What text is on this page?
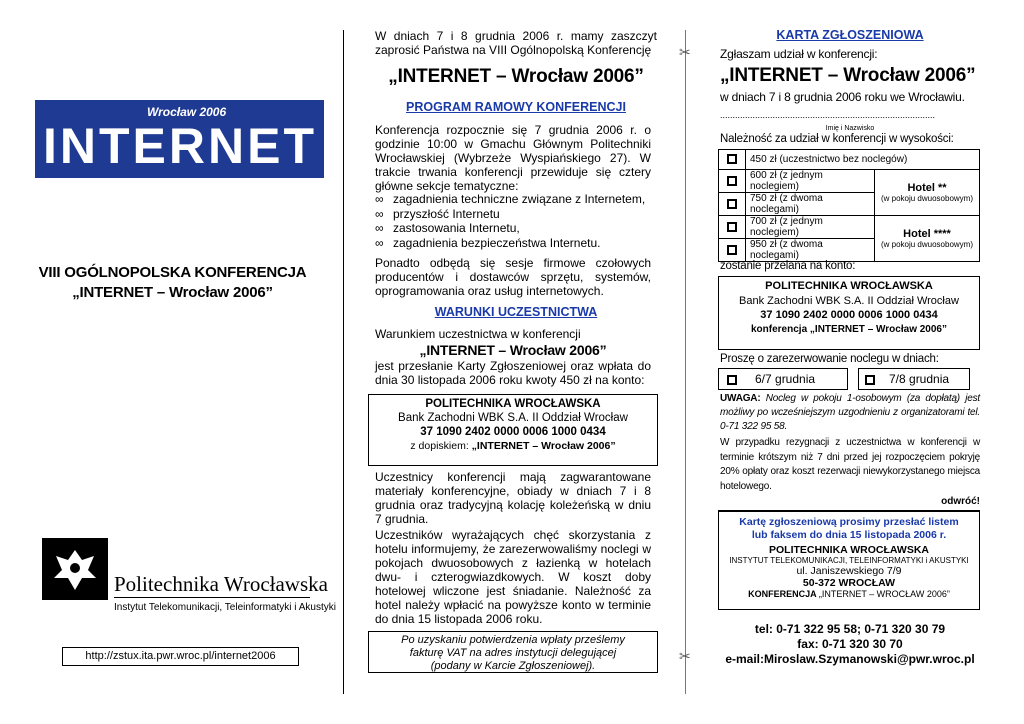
✂
✂
Wrocław 2006
INTERNET
VIII OGÓLNOPOLSKA KONFERENCJA
„INTERNET – Wrocław 2006”
Politechnika Wrocławska
Instytut Telekomunikacji, Teleinformatyki i Akustyki
http://zstux.ita.pwr.wroc.pl/internet2006
W dniach 7 i 8 grudnia 2006 r. mamy zaszczyt zaprosić Państwa na VIII Ogólnopolską Konferencję
„INTERNET – Wrocław 2006”
PROGRAM RAMOWY KONFERENCJI
Konferencja rozpocznie się 7 grudnia 2006 r. o godzinie 10:00 w Gmachu Głównym Politechniki Wrocławskiej (Wybrzeże Wyspiańskiego 27). W trakcie trwania konferencji przewiduje się cztery główne sekcje tematyczne:
∞ zagadnienia techniczne związane z Internetem,
∞ przyszłość Internetu
∞ zastosowania Internetu,
∞ zagadnienia bezpieczeństwa Internetu.
Ponadto odbędą się sesje firmowe czołowych producentów i dostawców sprzętu, systemów, oprogramowania oraz usług internetowych.
WARUNKI UCZESTNICTWA
Warunkiem uczestnictwa w konferencji
„INTERNET – Wrocław 2006”
jest przesłanie Karty Zgłoszeniowej oraz wpłata do dnia 30 listopada 2006 roku kwoty 450 zł na konto:
POLITECHNIKA WROCŁAWSKA
Bank Zachodni WBK S.A. II Oddział Wrocław
37 1090 2402 0000 0006 1000 0434
z dopiskiem: „INTERNET – Wrocław 2006”
Uczestnicy konferencji mają zagwarantowane materiały konferencyjne, obiady w dniach 7 i 8 grudnia oraz tradycyjną kolację koleżeńską w dniu 7 grudnia.
Uczestników wyrażających chęć skorzystania z hotelu informujemy, że zarezerwowaliśmy noclegi w pokojach dwuosobowych z łazienką w hotelach dwu- i czterogwiazdkowych. W koszt doby hotelowej wliczone jest śniadanie. Należność za hotel należy wpłacić na powyższe konto w terminie do dnia 15 listopada 2006 roku.
Po uzyskaniu potwierdzenia wpłaty prześlemy fakturę VAT na adres instytucji delegującej (podany w Karcie Zgłoszeniowej).
KARTA ZGŁOSZENIOWA
Zgłaszam udział w konferencji:
„INTERNET – Wrocław 2006”
w dniach 7 i 8 grudnia 2006 roku we Wrocławiu.
......................................................................................
Imię i Nazwisko
Należność za udział w konferencji w wysokości:
	450 zł (uczestnictwo bez noclegów)	
	600 zł (z jednym noclegiem)	Hotel **
(w pokoju dwuosobowym)

	750 zł (z dwoma noclegami)	
	700 zł (z jednym noclegiem)	Hotel ****
(w pokoju dwuosobowym)

	950 zł (z dwoma noclegami)	
zostanie przelana na konto:
POLITECHNIKA WROCŁAWSKA
Bank Zachodni WBK S.A. II Oddział Wrocław
37 1090 2402 0000 0006 1000 0434
konferencja „INTERNET – Wrocław 2006”
Proszę o zarezerwowanie noclegu w dniach:
6/7 grudnia	7/8 grudnia
UWAGA: Nocleg w pokoju 1-osobowym (za dopłatą) jest możliwy po wcześniejszym uzgodnieniu z organizatorami tel. 0-71 322 95 58.
W przypadku rezygnacji z uczestnictwa w konferencji w terminie krótszym niż 7 dni przed jej rozpoczęciem pokryję 20% opłaty oraz koszt rezerwacji niewykorzystanego miejsca hotelowego.
odwróć!
Kartę zgłoszeniową prosimy przesłać listem lub faksem do dnia 15 listopada 2006 r.
POLITECHNIKA WROCŁAWSKA
INSTYTUT TELEKOMUNIKACJI, TELEINFORMATYKI i AKUSTYKI
ul. Janiszewskiego 7/9
50-372 WROCŁAW
KONFERENCJA „INTERNET – WROCŁAW 2006”
tel: 0-71 322 95 58; 0-71 320 30 79
fax: 0-71 320 30 70
e-mail:Miroslaw.Szymanowski@pwr.wroc.pl
